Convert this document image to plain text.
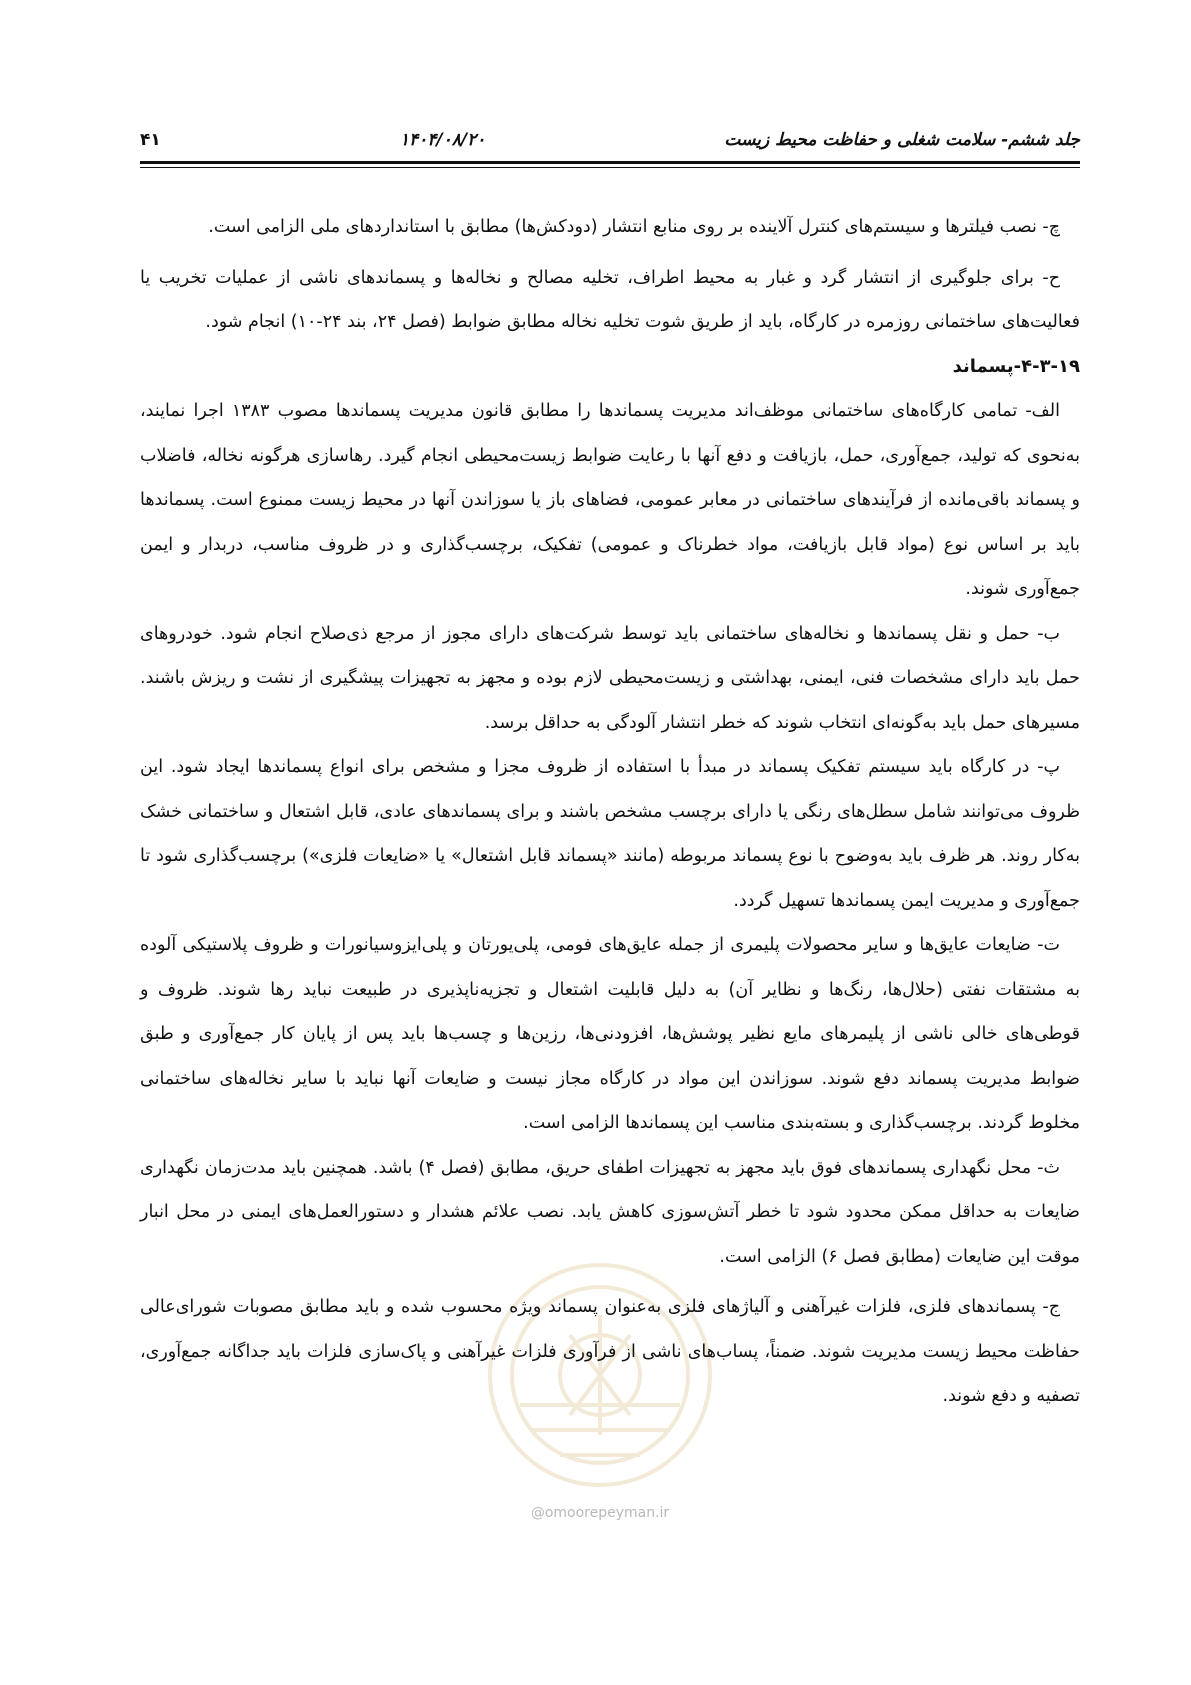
جلد ششم- سلامت شغلی و حفاظت محیط زیست
۱۴۰۴/۰۸/۲۰
۴۱
@omoorepeyman.ir

چ- نصب فیلترها و سیستم‌های کنترل آلاینده بر روی منابع انتشار (دودکش‌ها) مطابق با استانداردهای ملی الزامی است.

ح- برای جلوگیری از انتشار گرد و غبار به محیط اطراف، تخلیه مصالح و نخاله‌ها و پسماندهای ناشی از عملیات تخریب یا فعالیت‌های ساختمانی روزمره در کارگاه، باید از طریق شوت تخلیه نخاله مطابق ضوابط (فصل ۲۴، بند ۲۴-۱۰) انجام شود.

۴-۳-۱۹-پسماند

الف- تمامی کارگاه‌های ساختمانی موظف‌اند مدیریت پسماندها را مطابق قانون مدیریت پسماندها مصوب ۱۳۸۳ اجرا نمایند، به‌نحوی که تولید، جمع‌آوری، حمل، بازیافت و دفع آنها با رعایت ضوابط زیست‌محیطی انجام گیرد. رهاسازی هرگونه نخاله، فاضلاب و پسماند باقی‌مانده از فرآیندهای ساختمانی در معابر عمومی، فضاهای باز یا سوزاندن آنها در محیط زیست ممنوع است. پسماندها باید بر اساس نوع (مواد قابل بازیافت، مواد خطرناک و عمومی) تفکیک، برچسب‌گذاری و در ظروف مناسب، دربدار و ایمن جمع‌آوری شوند.

ب- حمل و نقل پسماندها و نخاله‌های ساختمانی باید توسط شرکت‌های دارای مجوز از مرجع ذی‌صلاح انجام شود. خودروهای حمل باید دارای مشخصات فنی، ایمنی، بهداشتی و زیست‌محیطی لازم بوده و مجهز به تجهیزات پیشگیری از نشت و ریزش باشند. مسیرهای حمل باید به‌گونه‌ای انتخاب شوند که خطر انتشار آلودگی به حداقل برسد.

پ- در کارگاه باید سیستم تفکیک پسماند در مبدأ با استفاده از ظروف مجزا و مشخص برای انواع پسماندها ایجاد شود. این ظروف می‌توانند شامل سطل‌های رنگی یا دارای برچسب مشخص باشند و برای پسماندهای عادی، قابل اشتعال و ساختمانی خشک به‌کار روند. هر ظرف باید به‌وضوح با نوع پسماند مربوطه (مانند «پسماند قابل اشتعال» یا «ضایعات فلزی») برچسب‌گذاری شود تا جمع‌آوری و مدیریت ایمن پسماندها تسهیل گردد.

ت- ضایعات عایق‌ها و سایر محصولات پلیمری از جمله عایق‌های فومی، پلی‌یورتان و پلی‌ایزوسیانورات و ظروف پلاستیکی آلوده به مشتقات نفتی (حلال‌ها، رنگ‌ها و نظایر آن) به دلیل قابلیت اشتعال و تجزیه‌ناپذیری در طبیعت نباید رها شوند. ظروف و قوطی‌های خالی ناشی از پلیمرهای مایع نظیر پوشش‌ها، افزودنی‌ها، رزین‌ها و چسب‌ها باید پس از پایان کار جمع‌آوری و طبق ضوابط مدیریت پسماند دفع شوند. سوزاندن این مواد در کارگاه مجاز نیست و ضایعات آنها نباید با سایر نخاله‌های ساختمانی مخلوط گردند. برچسب‌گذاری و بسته‌بندی مناسب این پسماندها الزامی است.

ث- محل نگهداری پسماندهای فوق باید مجهز به تجهیزات اطفای حریق، مطابق (فصل ۴) باشد. همچنین باید مدت‌زمان نگهداری ضایعات به حداقل ممکن محدود شود تا خطر آتش‌سوزی کاهش یابد. نصب علائم هشدار و دستورالعمل‌های ایمنی در محل انبار موقت این ضایعات (مطابق فصل ۶) الزامی است.

ج- پسماندهای فلزی، فلزات غیرآهنی و آلیاژهای فلزی به‌عنوان پسماند ویژه محسوب شده و باید مطابق مصوبات شورای‌عالی حفاظت محیط زیست مدیریت شوند. ضمناً، پساب‌های ناشی از فرآوری فلزات غیرآهنی و پاک‌سازی فلزات باید جداگانه جمع‌آوری، تصفیه و دفع شوند.
